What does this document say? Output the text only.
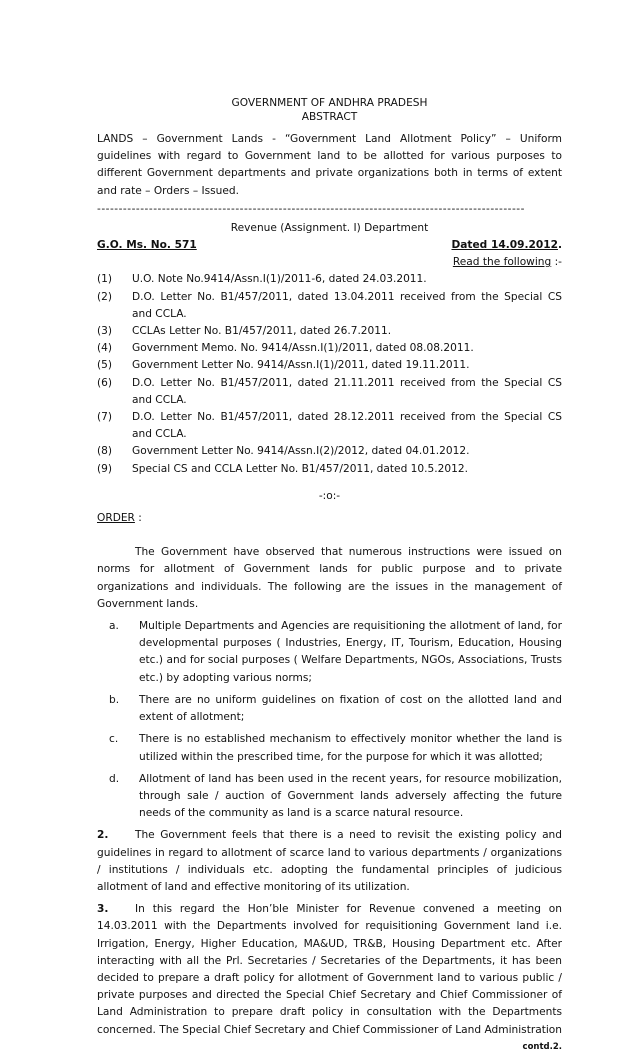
GOVERNMENT OF ANDHRA PRADESH
ABSTRACT
LANDS – Government Lands - “Government Land Allotment Policy” – Uniform guidelines with regard to Government land to be allotted for various purposes to different Government departments and private organizations both in terms of extent and rate – Orders – Issued.
---------------------------------------------------------------------------------------------------
Revenue (Assignment. I) Department
G.O. Ms. No. 571	Dated 14.09.2012.
Read the following :-
(1)	U.O. Note No.9414/Assn.I(1)/2011-6, dated 24.03.2011.
(2)	D.O. Letter No. B1/457/2011, dated 13.04.2011 received from the Special CS and CCLA.
(3)	CCLAs Letter No. B1/457/2011, dated 26.7.2011.
(4)	Government Memo. No. 9414/Assn.I(1)/2011, dated 08.08.2011.
(5)	Government Letter No. 9414/Assn.I(1)/2011, dated 19.11.2011.
(6)	D.O. Letter No. B1/457/2011, dated 21.11.2011 received from the Special CS and CCLA.
(7)	D.O. Letter No. B1/457/2011, dated 28.12.2011 received from the Special CS and CCLA.
(8)	Government Letter No. 9414/Assn.I(2)/2012, dated 04.01.2012.
(9)	Special CS and CCLA Letter No. B1/457/2011, dated 10.5.2012.
-:o:-
ORDER :
The Government have observed that numerous instructions were issued on norms for allotment of Government lands for public purpose and to private organizations and individuals. The following are the issues in the management of Government lands.
a.	Multiple Departments and Agencies are requisitioning the allotment of land, for developmental purposes ( Industries, Energy, IT, Tourism, Education, Housing etc.) and for social purposes ( Welfare Departments, NGOs, Associations, Trusts etc.) by adopting various norms;
b.	There are no uniform guidelines on fixation of cost on the allotted land and extent of allotment;
c.	There is no established mechanism to effectively monitor whether the land is utilized within the prescribed time, for the purpose for which it was allotted;
d.	Allotment of land has been used in the recent years, for resource mobilization, through sale / auction of Government lands adversely affecting the future needs of the community as land is a scarce natural resource.
2.	The Government feels that there is a need to revisit the existing policy and guidelines in regard to allotment of scarce land to various departments / organizations / institutions / individuals etc. adopting the fundamental principles of judicious allotment of land and effective monitoring of its utilization.
3.	In this regard the Hon’ble Minister for Revenue convened a meeting on 14.03.2011 with the Departments involved for requisitioning Government land i.e. Irrigation, Energy, Higher Education, MA&UD, TR&B, Housing Department etc. After interacting with all the Prl. Secretaries / Secretaries of the Departments, it has been decided to prepare a draft policy for allotment of Government land to various public / private purposes and directed the Special Chief Secretary and Chief Commissioner of Land Administration to prepare draft policy in consultation with the Departments concerned. The Special Chief Secretary and Chief Commissioner of Land Administration
contd.2.
